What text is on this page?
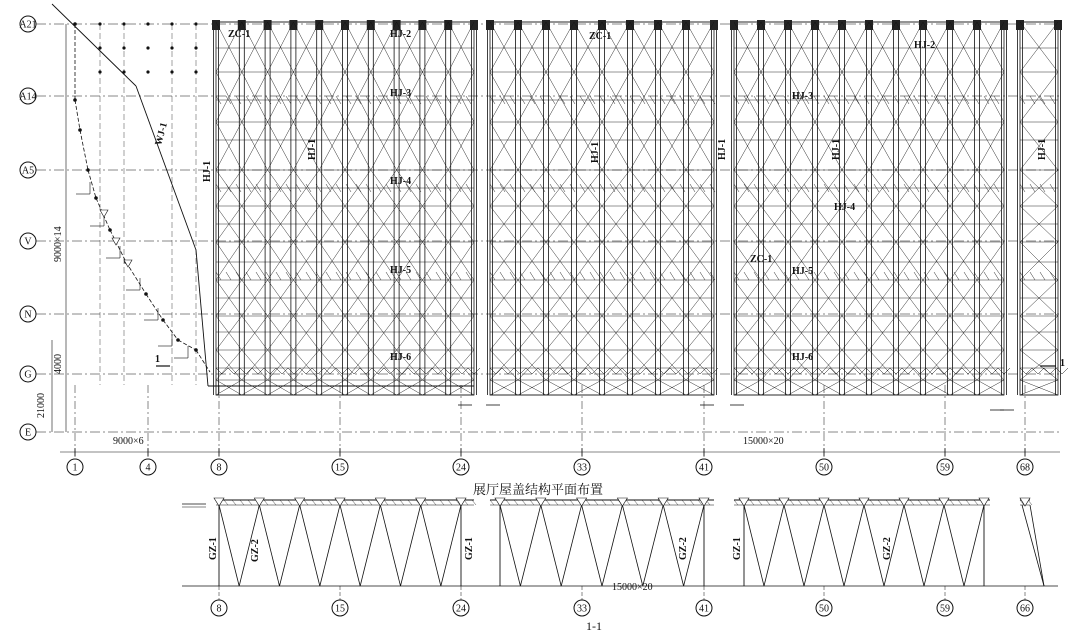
A21
A14
A5
V
N
G
E
1	4	8	15	24	33	41	50	59	68
9000×6	15000×20
9000×14
4000
21000
ZC-1	ZC-1
ZC-1
HJ-2
HJ-2
HJ-3	HJ-3
HJ-4
HJ-4
HJ-5	HJ-5
HJ-6	HJ-6
HJ-1
HJ-1	HJ-1	HJ-1	HJ-1	HJ-1
WJ-1
1	1
展厅屋盖结构平面布置
GZ-1	GZ-2	GZ-1	GZ-2	GZ-1	GZ-2
15000×20
8	15	24	33	41	50	59	66
1-1
